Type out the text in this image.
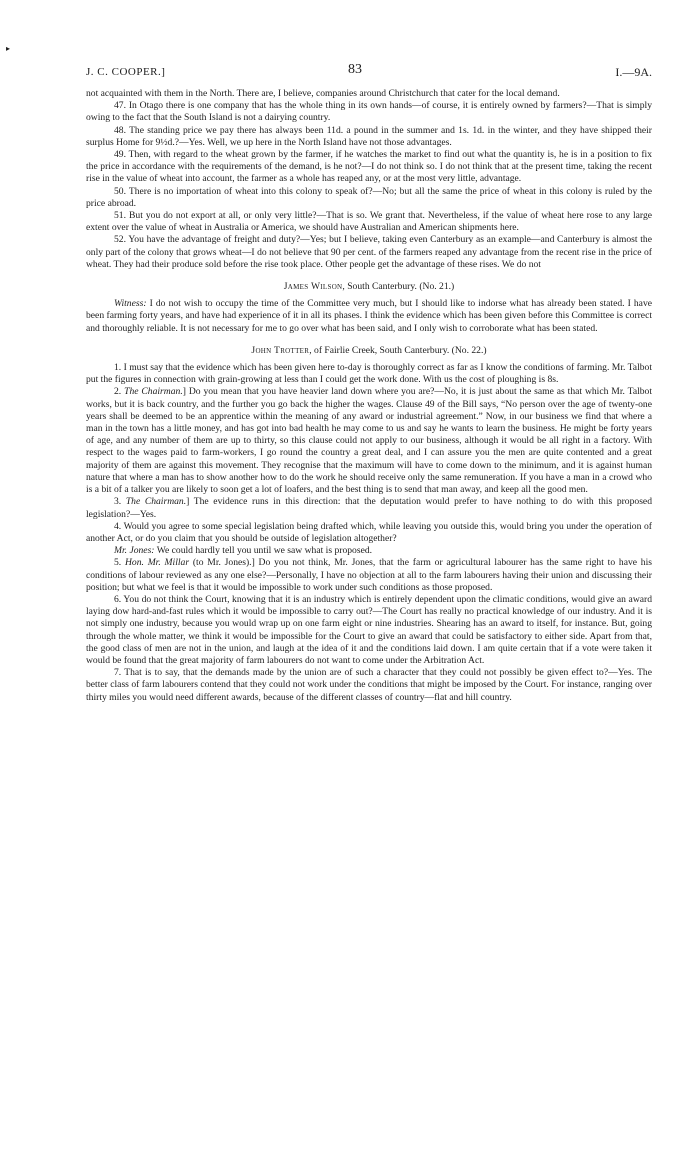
▸
J. C. COOPER.]	83	I.—9A.

not acquainted with them in the North. There are, I believe, companies around Christchurch that cater for the local demand.

47. In Otago there is one company that has the whole thing in its own hands—of course, it is entirely owned by farmers?—That is simply owing to the fact that the South Island is not a dairying country.

48. The standing price we pay there has always been 11d. a pound in the summer and 1s. 1d. in the winter, and they have shipped their surplus Home for 9½d.?—Yes. Well, we up here in the North Island have not those advantages.

49. Then, with regard to the wheat grown by the farmer, if he watches the market to find out what the quantity is, he is in a position to fix the price in accordance with the requirements of the demand, is he not?—I do not think so. I do not think that at the present time, taking the recent rise in the value of wheat into account, the farmer as a whole has reaped any, or at the most very little, advantage.

50. There is no importation of wheat into this colony to speak of?—No; but all the same the price of wheat in this colony is ruled by the price abroad.

51. But you do not export at all, or only very little?—That is so. We grant that. Nevertheless, if the value of wheat here rose to any large extent over the value of wheat in Australia or America, we should have Australian and American shipments here.

52. You have the advantage of freight and duty?—Yes; but I believe, taking even Canterbury as an example—and Canterbury is almost the only part of the colony that grows wheat—I do not believe that 90 per cent. of the farmers reaped any advantage from the recent rise in the price of wheat. They had their produce sold before the rise took place. Other people get the advantage of these rises. We do not

James Wilson, South Canterbury. (No. 21.)

Witness: I do not wish to occupy the time of the Committee very much, but I should like to indorse what has already been stated. I have been farming forty years, and have had experience of it in all its phases. I think the evidence which has been given before this Committee is correct and thoroughly reliable. It is not necessary for me to go over what has been said, and I only wish to corroborate what has been stated.

John Trotter, of Fairlie Creek, South Canterbury. (No. 22.)

1. I must say that the evidence which has been given here to-day is thoroughly correct as far as I know the conditions of farming. Mr. Talbot put the figures in connection with grain-growing at less than I could get the work done. With us the cost of ploughing is 8s.

2. The Chairman.] Do you mean that you have heavier land down where you are?—No, it is just about the same as that which Mr. Talbot works, but it is back country, and the further you go back the higher the wages. Clause 49 of the Bill says, “No person over the age of twenty-one years shall be deemed to be an apprentice within the meaning of any award or industrial agreement.” Now, in our business we find that where a man in the town has a little money, and has got into bad health he may come to us and say he wants to learn the business. He might be forty years of age, and any number of them are up to thirty, so this clause could not apply to our business, although it would be all right in a factory. With respect to the wages paid to farm-workers, I go round the country a great deal, and I can assure you the men are quite contented and a great majority of them are against this movement. They recognise that the maximum will have to come down to the minimum, and it is against human nature that where a man has to show another how to do the work he should receive only the same remuneration. If you have a man in a crowd who is a bit of a talker you are likely to soon get a lot of loafers, and the best thing is to send that man away, and keep all the good men.

3. The Chairman.] The evidence runs in this direction: that the deputation would prefer to have nothing to do with this proposed legislation?—Yes.

4. Would you agree to some special legislation being drafted which, while leaving you outside this, would bring you under the operation of another Act, or do you claim that you should be outside of legislation altogether?

Mr. Jones: We could hardly tell you until we saw what is proposed.

5. Hon. Mr. Millar (to Mr. Jones).] Do you not think, Mr. Jones, that the farm or agricultural labourer has the same right to have his conditions of labour reviewed as any one else?—Personally, I have no objection at all to the farm labourers having their union and discussing their position; but what we feel is that it would be impossible to work under such conditions as those proposed.

6. You do not think the Court, knowing that it is an industry which is entirely dependent upon the climatic conditions, would give an award laying dow hard-and-fast rules which it would be impossible to carry out?—The Court has really no practical knowledge of our industry. And it is not simply one industry, because you would wrap up on one farm eight or nine industries. Shearing has an award to itself, for instance. But, going through the whole matter, we think it would be impossible for the Court to give an award that could be satisfactory to either side. Apart from that, the good class of men are not in the union, and laugh at the idea of it and the conditions laid down. I am quite certain that if a vote were taken it would be found that the great majority of farm labourers do not want to come under the Arbitration Act.

7. That is to say, that the demands made by the union are of such a character that they could not possibly be given effect to?—Yes. The better class of farm labourers contend that they could not work under the conditions that might be imposed by the Court. For instance, ranging over thirty miles you would need different awards, because of the different classes of country—flat and hill country.
